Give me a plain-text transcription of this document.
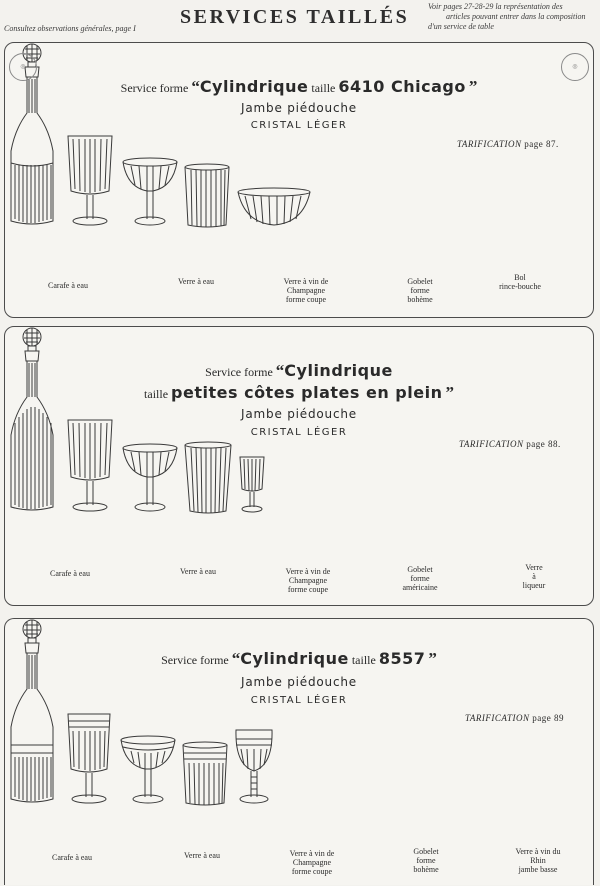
Consultez observations générales, page I
SERVICES TAILLÉS Voir pages 27-28-29 la représentation des
articles pouvant entrer dans la composition
d'un service de table
◎	◎
Service forme “Cylindrique taille 6410 Chicago ”
Jambe piédouche
CRISTAL LÉGER
TARIFICATION page 87.

Carafe à eau
	Verre à eau
	Verre à vin de
Champagne
forme coupe

Gobelet
forme
bohème
Bol
rince-bouche
Service forme “Cylindrique
taille petites côtes plates en plein ”
Jambe piédouche
CRISTAL LÉGER
TARIFICATION page 88.

Carafe à eau
	Verre à eau
	Verre à vin de
Champagne
forme coupe

Gobelet
forme
américaine
Verre
à
liqueur
Service forme “Cylindrique taille 8557 ”
Jambe piédouche
CRISTAL LÉGER
TARIFICATION page 89

Carafe à eau
	Verre à eau
	Verre à vin de
Champagne
forme coupe

Gobelet
forme
bohème
Verre à vin du
Rhin
jambe basse
